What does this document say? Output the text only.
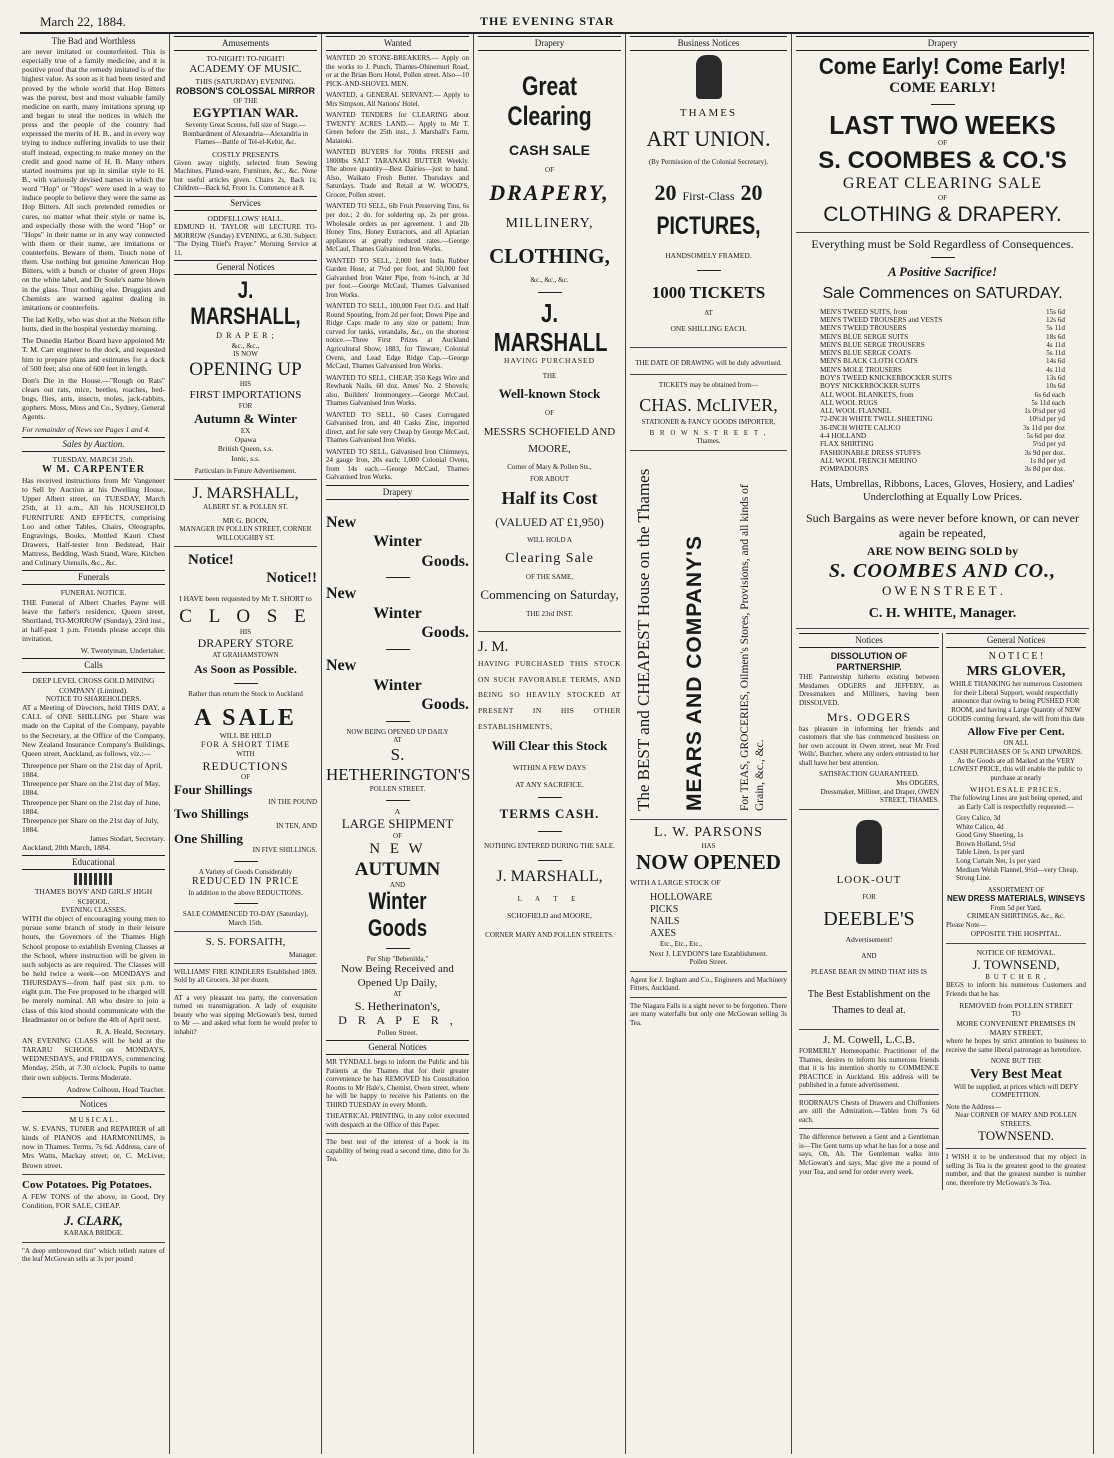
March 22, 1884.	THE EVENING STAR
The Bad and Worthless

are never imitated or counterfeited. This is especially true of a family medicine, and it is positive proof that the remedy imitated is of the highest value. As soon as it had been tested and proved by the whole world that Hop Bitters was the purest, best and most valuable family medicine on earth, many imitations sprung up and began to steal the notices in which the press and the people of the country had expressed the merits of H. B., and in every way trying to induce suffering invalids to use their stuff instead, expecting to make money on the credit and good name of H. B. Many others started nostrums put up in similar style to H. B., with variously devised names in which the word "Hop" or "Hops" were used in a way to induce people to believe they were the same as Hop Bitters. All such pretended remedies or cures, no matter what their style or name is, and especially those with the word "Hop" or "Hops" in their name or in any way connected with them or their name, are imitations or counterfeits. Beware of them. Touch none of them. Use nothing but genuine American Hop Bitters, with a bunch or cluster of green Hops on the white label, and Dr Soule's name blown in the glass. Trust nothing else. Druggists and Chemists are warned against dealing in imitations or counterfeits.

The lad Kelly, who was shot at the Nelson rifle butts, died in the hospital yesterday morning.

The Dunedin Harbor Board have appointed Mr T. M. Carr engineer to the dock, and requested him to prepare plans and estimates for a dock of 500 feet; also one of 600 feet in length.

Don's Die in the House.—"Rough on Rats" clears out rats, mice, beetles, roaches, bed-bugs, flies, ants, insects, moles, jack-rabbits, gophers. Moss, Moss and Co., Sydney, General Agents.

For remainder of News see Pages 1 and 4.

Sales by Auction.
TUESDAY, MARCH 25th.
W M. CARPENTER

Has received instructions from Mr Vangeneer to Sell by Auction at his Dwelling House, Upper Albert street, on TUESDAY, March 25th, at 11 a.m., All his HOUSEHOLD FURNITURE AND EFFECTS, comprising Loo and other Tables, Chairs, Oleographs, Engravings, Books, Mottled Kauri Chest Drawers, Half-tester Iron Bedstead, Hair Mattress, Bedding, Wash Stand, Ware, Kitchen and Culinary Utensils, &c., &c.

Funerals
FUNERAL NOTICE.

THE Funeral of Albert Charles Payne will leave the father's residence, Queen street, Shortland, TO-MORROW (Sunday), 23rd inst., at half-past 1 p.m. Friends please accept this invitation.

W. Twentyman, Undertaker.
Calls
DEEP LEVEL CROSS GOLD MINING COMPANY (Limited).
NOTICE TO SHAREHOLDERS.

AT a Meeting of Directors, held THIS DAY, a CALL of ONE SHILLING per Share was made on the Capital of the Company, payable to the Secretary, at the Office of the Company, New Zealand Insurance Company's Buildings, Queen street, Auckland, as follows, viz.:—

Threepence per Share on the 21st day of April, 1884.
Threepence per Share on the 21st day of May, 1884.
Threepence per Share on the 21st day of June, 1884.
Threepence per Share on the 21st day of July, 1884.
James Stodart, Secretary.
Auckland, 20th March, 1884.
Educational
THAMES BOYS' AND GIRLS' HIGH SCHOOL.
EVENING CLASSES.

WITH the object of encouraging young men to pursue some branch of study in their leisure hours, the Governors of the Thames High School propose to establish Evening Classes at the School, where instruction will be given in such subjects as are required. The Classes will be held twice a week—on MONDAYS and THURSDAYS—from half past six p.m. to eight p.m. The Fee proposed to be charged will be merely nominal. All who desire to join a class of this kind should communicate with the Headmaster on or before the 4th of April next.

R. A. Heald, Secretary.

AN EVENING CLASS will be held at the TARARU SCHOOL on MONDAYS, WEDNESDAYS, and FRIDAYS, commencing Monday, 25th, at 7.30 o'clock. Pupils to name their own subjects. Terms Moderate.

Andrew Colhoun, Head Teacher.
Notices
M U S I C A L .

W. S. EVANS, TUNER and REPAIRER of all kinds of PIANOS and HARMONIUMS, is now in Thames. Terms, 7s 6d. Address, care of Mrs Watts, Mackay street; or, C. McLiver, Brown street.

Cow Potatoes. Pig Potatoes.

A FEW TONS of the above, in Good, Dry Condition, FOR SALE, CHEAP.

J. CLARK,
KARAKA BRIDGE.

"A deep embrowned tint" which telleth nature of the leaf McGowan sells at 3s per pound

Amusements
TO-NIGHT! TO-NIGHT!
ACADEMY OF MUSIC.
THIS (SATURDAY) EVENING.
ROBSON'S COLOSSAL MIRROR
OF THE
EGYPTIAN WAR.

Seventy Great Scenes, full size of Stage.—Bombardment of Alexandria—Alexandria in Flames—Battle of Tel-el-Kebir, &c.

COSTLY PRESENTS

Given away nightly, selected from Sewing Machines, Plated-ware, Furniture, &c., &c. None but useful articles given. Chairs 2s, Back 1s; Children—Back 6d, Front 1s. Commence at 8.

Services
ODDFELLOWS' HALL.

EDMUND H. TAYLOR will LECTURE TO-MORROW (Sunday) EVENING, at 6.30. Subject: "The Dying Thief's Prayer." Morning Service at 11.

General Notices
J. MARSHALL,
D R A P E R ;
&c., &c.,
IS NOW
OPENING UP
HIS
FIRST IMPORTATIONS
FOR
Autumn & Winter
EX
Opawa
British Queen, s.s.
Ionic, s.s.
Particulars in Future Advertisement.
J. MARSHALL,
ALBERT ST. & POLLEN ST.
MR G. BOON,
MANAGER IN POLLEN STREET, CORNER WILLOUGHBY ST.
Notice!
Notice!!

I HAVE been requested by Mr T. SHORT to

C L O S E
HIS
DRAPERY STORE
AT GRAHAMSTOWN
As Soon as Possible.
Rather than return the Stock to Auckland
A SALE
WILL BE HELD
FOR A SHORT TIME
WITH
REDUCTIONS
OF
Four Shillings
IN THE POUND
Two Shillings
IN TEN, AND
One Shilling
IN FIVE SHILLINGS.
A Variety of Goods Considerably
REDUCED IN PRICE
In addition to the above REDUCTIONS.
SALE COMMENCED TO-DAY (Saturday), March 15th.
S. S. FORSAITH,
Manager.

WILLIAMS' FIRE KINDLERS Established 1869. Sold by all Grocers. 3d per dozen.

AT a very pleasant tea party, the conversation turned on transmigration. A lady of exquisite beauty who was sipping McGowan's best, turned to Mr — and asked what form he would prefer to inhabit?

Wanted

WANTED 20 STONE-BREAKERS.— Apply on the works to J. Punch, Thames-Ohinemuri Road, or at the Brian Boru Hotel, Pollen street. Also—10 PICK-AND-SHOVEL MEN.

WANTED, a GENERAL SERVANT.— Apply to Mrs Simpson, All Nations' Hotel.

WANTED TENDERS for CLEARING about TWENTY ACRES LAND.— Apply to Mr T. Green before the 25th inst., J. Marshall's Farm, Matatoki.

WANTED BUYERS for 700lbs FRESH and 1800lbs SALT TARANAKI BUTTER Weekly. The above quantity—Best Dairies—just to hand. Also, Waikato Fresh Butter. Thursdays and Saturdays. Trade and Retail at W. WOOD'S, Grocer, Pollen street.

WANTED TO SELL, 6lb Fruit Preserving Tins, 6s per doz.; 2 do. for soldering up, 2s per gross. Wholesale orders as per agreement. 1 and 2lb Honey Tins, Honey Extractors, and all Apiarian appliances at greatly reduced rates.—George McCaul, Thames Galvanised Iron Works.

WANTED TO SELL, 2,000 feet India Rubber Garden Hose, at 7½d per foot, and 50,000 feet Galvanised Iron Water Pipe, from ½-inch, at 3d per foot.—George McCaul, Thames Galvanised Iron Works.

WANTED TO SELL, 100,000 Feet O.G. and Half Round Spouting, from 2d per foot; Down Pipe and Ridge Caps made to any size or pattern; Iron curved for tanks, verandahs, &c., on the shortest notice.—Three First Prizes at Auckland Agricultural Show, 1883, for Tinware, Colonial Ovens, and Lead Edge Ridge Cap.—George McCaul, Thames Galvanised Iron Works.

WANTED TO SELL, CHEAP, 350 Kegs Wire and Rewbank Nails, 60 doz. Ames' No. 2 Shovels; also, Builders' Ironmongery.—George McCaul, Thames Galvanised Iron Works.

WANTED TO SELL, 60 Cases Corrugated Galvanised Iron, and 40 Casks Zinc, imported direct, and for sale very Cheap by George McCaul, Thames Galvanised Iron Works.

WANTED TO SELL, Galvanised Iron Chimneys, 24 gauge Iron, 20s each; 1,000 Colonial Ovens, from 14s each.—George McCaul, Thames Galvanised Iron Works.

Drapery
New
Winter
Goods.
New
Winter
Goods.
New
Winter
Goods.
NOW BEING OPENED UP DAILY
AT
S. HETHERINGTON'S
POLLEN STREET.
A
LARGE SHIPMENT
OF
N E W
AUTUMN
AND
Winter Goods
Per Ship "Bebenilda,"
Now Being Received and Opened Up Daily,
AT
S. Hetherinaton's,
D R A P E R ,
Pollen Street.
General Notices

MR TYNDALL begs to inform the Public and his Patients at the Thames that for their greater convenience he has REMOVED his Consultation Rooms to Mr Hale's, Chemist, Owen street, where he will be happy to receive his Patients on the THIRD TUESDAY in every Month.

THEATRICAL PRINTING, in any color executed with despatch at the Office of this Paper.

The best test of the interest of a book is its capability of being read a second time, ditto for 3s Tea.

Drapery
Great Clearing
CASH SALE
OF
DRAPERY,
MILLINERY,
CLOTHING,
&c., &c., &c.
J. MARSHALL
HAVING PURCHASED
THE
Well-known Stock
OF
MESSRS SCHOFIELD AND MOORE,
Corner of Mary & Pollen Sts.,
FOR ABOUT
Half its Cost
(VALUED AT £1,950)
WILL HOLD A
Clearing Sale
OF THE SAME,
Commencing on Saturday,
THE 23rd INST.
J. M.

HAVING PURCHASED THIS STOCK ON SUCH FAVORABLE TERMS, AND BEING SO HEAVILY STOCKED AT PRESENT IN HIS OTHER ESTABLISHMENTS,

Will Clear this Stock
WITHIN A FEW DAYS
AT ANY SACRIFICE.
TERMS CASH.
NOTHING ENTERED DURING THE SALE.
J. MARSHALL,
L A T E
SCHOFIELD and MOORE,
CORNER MARY AND POLLEN STREETS.
Business Notices
THAMES
ART UNION.
(By Permission of the Colonial Secretary).
20 First-Class 20
PICTURES,
HANDSOMELY FRAMED.
1000 TICKETS
AT
ONE SHILLING EACH.

THE DATE OF DRAWING will be duly advertised.

TICKETS may be obtained from—
CHAS. McLIVER,
STATIONER & FANCY GOODS IMPORTER,
B R O W N S T R E E T ,
Thames.
The BEST and CHEAPEST House on the Thames MEARS AND COMPANY'S	For TEAS, GROCERIES, Oilmen's Stores, Provisions, and all kinds of Grain, &c., &c.
L. W. PARSONS
HAS
NOW OPENED
WITH A LARGE STOCK OF
HOLLOWARE
PICKS
NAILS
AXES
Etc., Etc., Etc.,
Next J. LEYDON'S late Establishment.
Pollen Street.

Agent for J. Ingham and Co., Engineers and Machinery Fitters, Auckland.

The Niagara Falls is a sight never to be forgotten. There are many waterfalls but only one McGowan selling 3s Tea.

Drapery
Come Early! Come Early!
COME EARLY!
LAST TWO WEEKS
OF
S. COOMBES & CO.'S
GREAT CLEARING SALE
OF
CLOTHING & DRAPERY.
Everything must be Sold Regardless of Consequences.
A Positive Sacrifice!
Sale Commences on SATURDAY.
MEN'S TWEED SUITS, from	15s 6d
MEN'S TWEED TROUSERS and VESTS	12s 6d
MEN'S TWEED TROUSERS	5s 11d
MEN'S BLUE SERGE SUITS	18s 6d
MEN'S BLUE SERGE TROUSERS	4s 11d
MEN'S BLUE SERGE COATS	5s 11d
MEN'S BLACK CLOTH COATS	14s 6d
MEN'S MOLE TROUSERS	4s 11d
BOY'S TWEED KNICKERBOCKER SUITS	13s 6d
BOYS' NICKERBOCKER SUITS	10s 6d
ALL WOOL BLANKETS, from	6s 6d each
ALL WOOL RUGS	5s 11d each
ALL WOOL FLANNEL	1s 0½d per yd
72-INCH WHITE TWILL SHEETING	10½d per yd
36-INCH WHITE CALICO	3s 11d per doz
4-4 HOLLAND	5s 6d per doz
FLAX SHIRTING	5½d per yd
FASHIONABLE DRESS STUFFS	3s 9d per doz.
ALL WOOL FRENCH MERINO	1s 8d per yd
POMPADOURS	3s 8d per doz.
Hats, Umbrellas, Ribbons, Laces, Gloves, Hosiery, and Ladies' Underclothing at Equally Low Prices.
Such Bargains as were never before known, or can never again be repeated,
ARE NOW BEING SOLD by
S. COOMBES AND CO.,
O W E N S T R E E T .
C. H. WHITE, Manager.
Notices
DISSOLUTION OF PARTNERSHIP.

THE Partnership hitherto existing between Mesdames ODGERS and JEFFERY, as Dressmakers and Milliners, having been DISSOLVED,

Mrs. ODGERS

has pleasure in informing her friends and customers that she has commenced business on her own account in Owen street, near Mr Fred Wells', Butcher, where any orders entrusted to her shall have her best attention.

SATISFACTION GUARANTEED.
Mrs ODGERS,
Dressmaker, Milliner, and Draper, OWEN STREET, THAMES.
LOOK-OUT
FOR
DEEBLE'S
Advertisement!
AND
PLEASE BEAR IN MIND THAT HIS IS
The Best Establishment on the Thames to deal at.
J. M. Cowell, L.C.B.

FORMERLY Homœopathic Practitioner of the Thames, desires to inform his numerous friends that it is his intention shortly to COMMENCE PRACTICE in Auckland. His address will be published in a future advertisement.

RODRNAU'S Chests of Drawers and Chiffoniers are still the Admiration.—Tables from 7s 6d each.

The difference between a Gent and a Gentleman is—The Gent turns up what he has for a nose and says, Oh, Ah. The Gentleman walks into McGowan's and says, Mac give me a pound of your Tea, and send for order every week.

General Notices
N O T I C E !
MRS GLOVER,

WHILE THANKING her numerous Customers for their Liberal Support, would respectfully announce that owing to being PUSHED FOR ROOM, and having a Large Quantity of NEW GOODS coming forward, she will from this date

Allow Five per Cent.
ON ALL
CASH PURCHASES OF 5s AND UPWARDS.

As the Goods are all Marked at the VERY LOWEST PRICE, this will enable the public to purchase at nearly

WHOLESALE PRICES.

The following Lines are just being opened, and an Early Call is respectfully requested:—

Grey Calico, 3d
White Calico, 4d
Good Grey Sheeting, 1s
Brown Holland, 5½d
Table Linen, 1s per yard
Long Curtain Net, 1s per yard
Medium Welsh Flannel, 9½d—very Cheap, Strong Line.
ASSORTMENT OF
NEW DRESS MATERIALS, WINSEYS
From 5d per Yard.
CRIMEAN SHIRTINGS, &c., &c.
Please Note—
OPPOSITE THE HOSPITAL.
NOTICE OF REMOVAL.
J. TOWNSEND,
B U T C H E R ,

BEGS to inform his numerous Customers and Friends that he has

REMOVED from POLLEN STREET
TO
MORE CONVENIENT PREMISES IN MARY STREET,

where he hopes by strict attention to business to receive the same liberal patronage as heretofore.

NONE BUT THE
Very Best Meat

Will be supplied, at prices which will DEFY COMPETITION.

Note the Address—
Near CORNER OF MARY AND POLLEN STREETS.
TOWNSEND.

I WISH it to be understood that my object in selling 3s Tea is the greatest good to the greatest number, and that the greatest number is number one, therefore try McGowan's 3s Tea.
